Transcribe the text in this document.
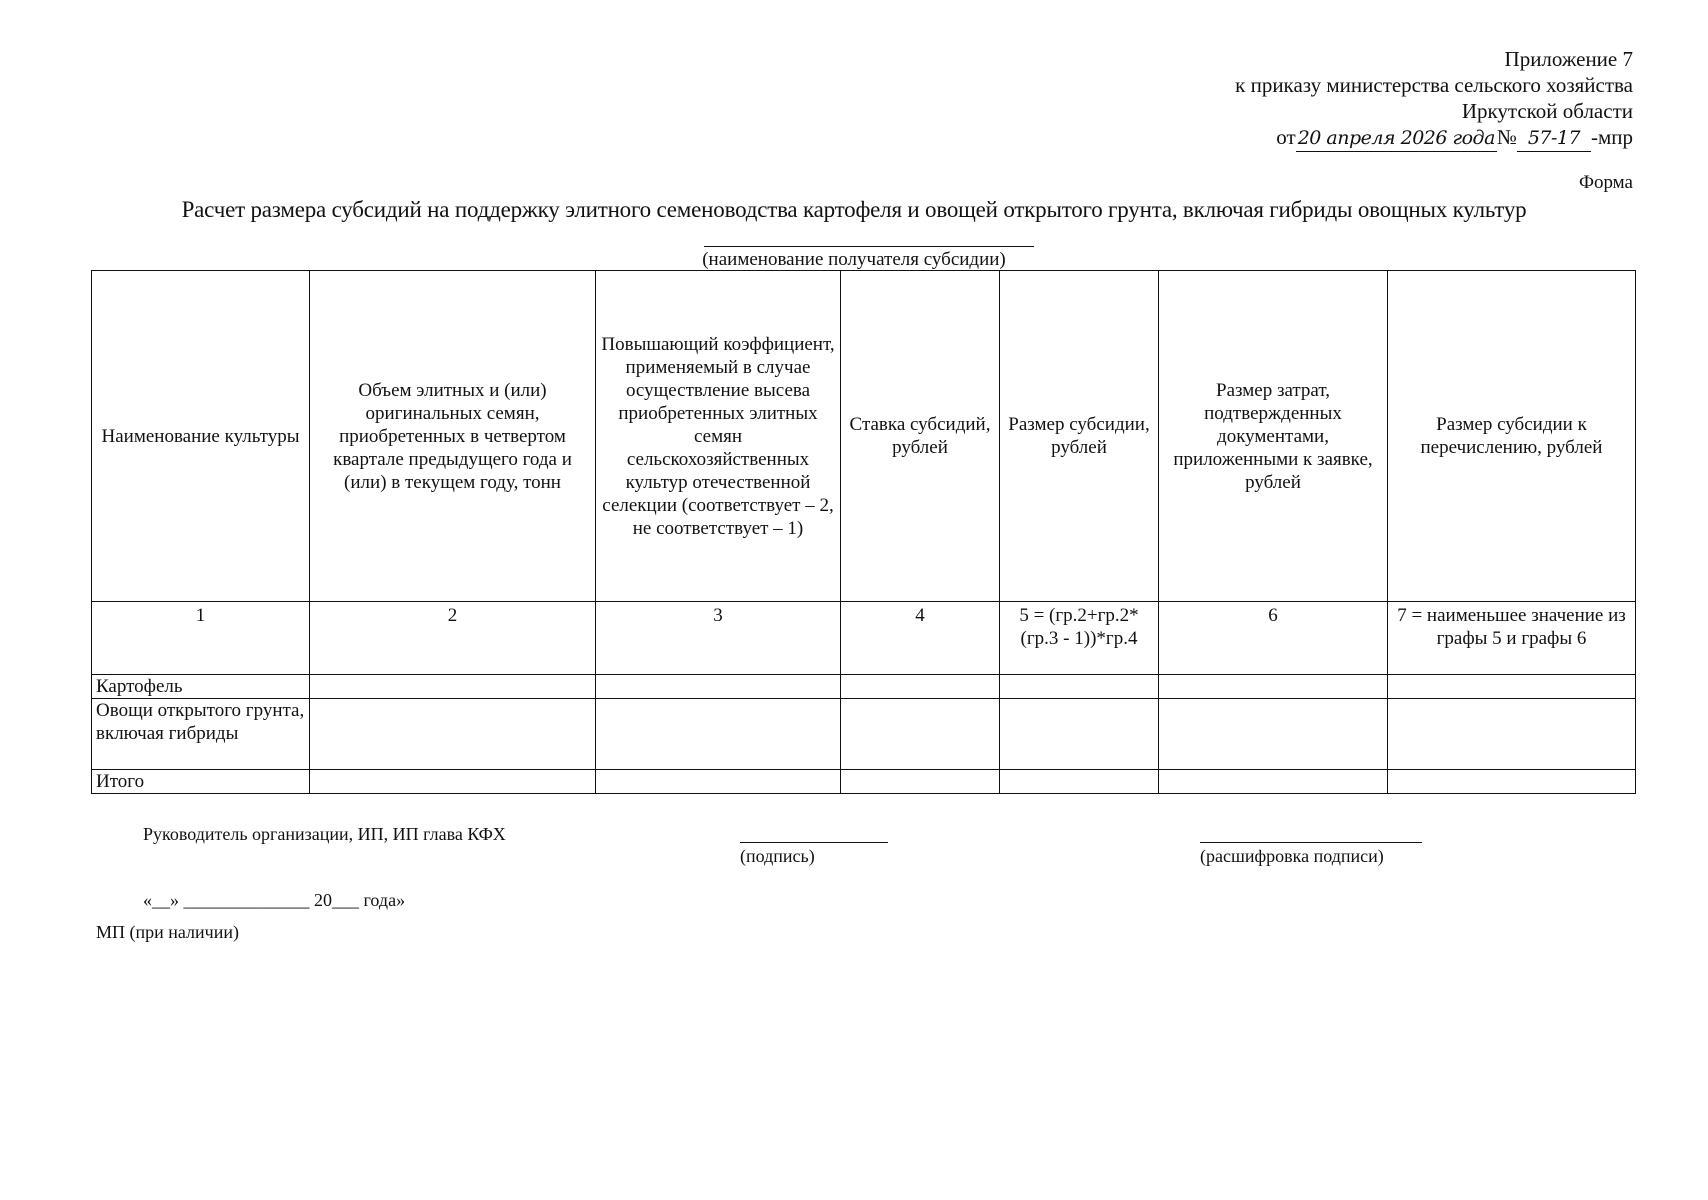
Приложение 7
к приказу министерства сельского хозяйства
Иркутской области
от 20 апреля 2026 года№ 57-17 -мпр
Форма
Расчет размера субсидий на поддержку элитного семеноводства картофеля и овощей открытого грунта, включая гибриды овощных культур
(наименование получателя субсидии)
Наименование культуры	Объем элитных и (или) оригинальных семян, приобретенных в четвертом квартале предыдущего года и (или) в текущем году, тонн	Повышающий коэффициент, применяемый в случае осуществление высева приобретенных элитных семян сельскохозяйственных культур отечественной селекции (соответствует – 2, не соответствует – 1)	Ставка субсидий, рублей	Размер субсидии, рублей	Размер затрат, подтвержденных документами, приложенными к заявке, рублей	Размер субсидии к перечислению, рублей
1	2	3	4	5 = (гр.2+гр.2*(гр.3 - 1))*гр.4	6	7 = наименьшее значение из графы 5 и графы 6
Картофель						
Овощи открытого грунта, включая гибриды						
Итого						
Руководитель организации, ИП, ИП глава КФХ
(подпись)	(расшифровка подписи)
«__» ______________ 20___ года»
МП (при наличии)
